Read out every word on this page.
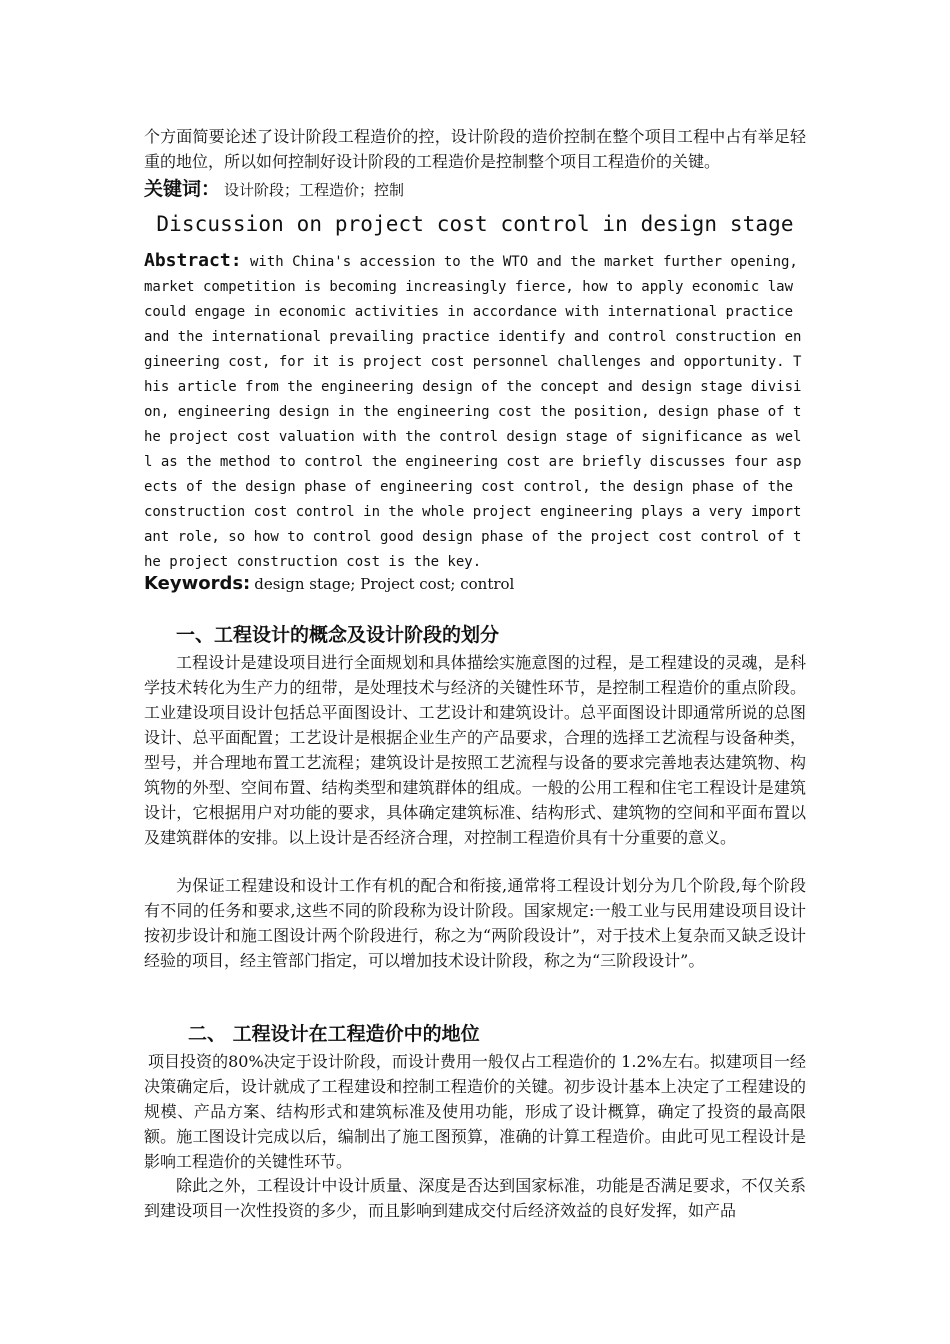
个方面简要论述了设计阶段工程造价的控，设计阶段的造价控制在整个项目工程中占有举足轻重的地位，所以如何控制好设计阶段的工程造价是控制整个项目工程造价的关键。

关键词： 设计阶段；工程造价；控制
Discussion on project cost control in design stage

Abstract: with China's accession to the WTO and the market further opening, market competition is becoming increasingly fierce, how to apply economic law could engage in economic activities in accordance with international practice and the international prevailing practice identify and control construction engineering cost, for it is project cost personnel challenges and opportunity. This article from the engineering design of the concept and design stage division, engineering design in the engineering cost the position, design phase of the project cost valuation with the control design stage of significance as well as the method to control the engineering cost are briefly discusses four aspects of the design phase of engineering cost control, the design phase of the construction cost control in the whole project engineering plays a very important role, so how to control good design phase of the project cost control of the project construction cost is the key.

Keywords: design stage; Project cost; control
一、工程设计的概念及设计阶段的划分

工程设计是建设项目进行全面规划和具体描绘实施意图的过程，是工程建设的灵魂，是科学技术转化为生产力的纽带，是处理技术与经济的关键性环节，是控制工程造价的重点阶段。工业建设项目设计包括总平面图设计、工艺设计和建筑设计。总平面图设计即通常所说的总图设计、总平面配置；工艺设计是根据企业生产的产品要求，合理的选择工艺流程与设备种类，型号，并合理地布置工艺流程；建筑设计是按照工艺流程与设备的要求完善地表达建筑物、构筑物的外型、空间布置、结构类型和建筑群体的组成。一般的公用工程和住宅工程设计是建筑设计，它根据用户对功能的要求，具体确定建筑标准、结构形式、建筑物的空间和平面布置以及建筑群体的安排。以上设计是否经济合理，对控制工程造价具有十分重要的意义。

为保证工程建设和设计工作有机的配合和衔接,通常将工程设计划分为几个阶段,每个阶段有不同的任务和要求,这些不同的阶段称为设计阶段。国家规定:一般工业与民用建设项目设计按初步设计和施工图设计两个阶段进行，称之为“两阶段设计”，对于技术上复杂而又缺乏设计经验的项目，经主管部门指定，可以增加技术设计阶段，称之为“三阶段设计”。

二、 工程设计在工程造价中的地位

项目投资的80%决定于设计阶段，而设计费用一般仅占工程造价的 1.2%左右。拟建项目一经决策确定后，设计就成了工程建设和控制工程造价的关键。初步设计基本上决定了工程建设的规模、产品方案、结构形式和建筑标准及使用功能，形成了设计概算，确定了投资的最高限额。施工图设计完成以后，编制出了施工图预算，准确的计算工程造价。由此可见工程设计是影响工程造价的关键性环节。

除此之外，工程设计中设计质量、深度是否达到国家标准，功能是否满足要求，不仅关系到建设项目一次性投资的多少，而且影响到建成交付后经济效益的良好发挥，如产品
